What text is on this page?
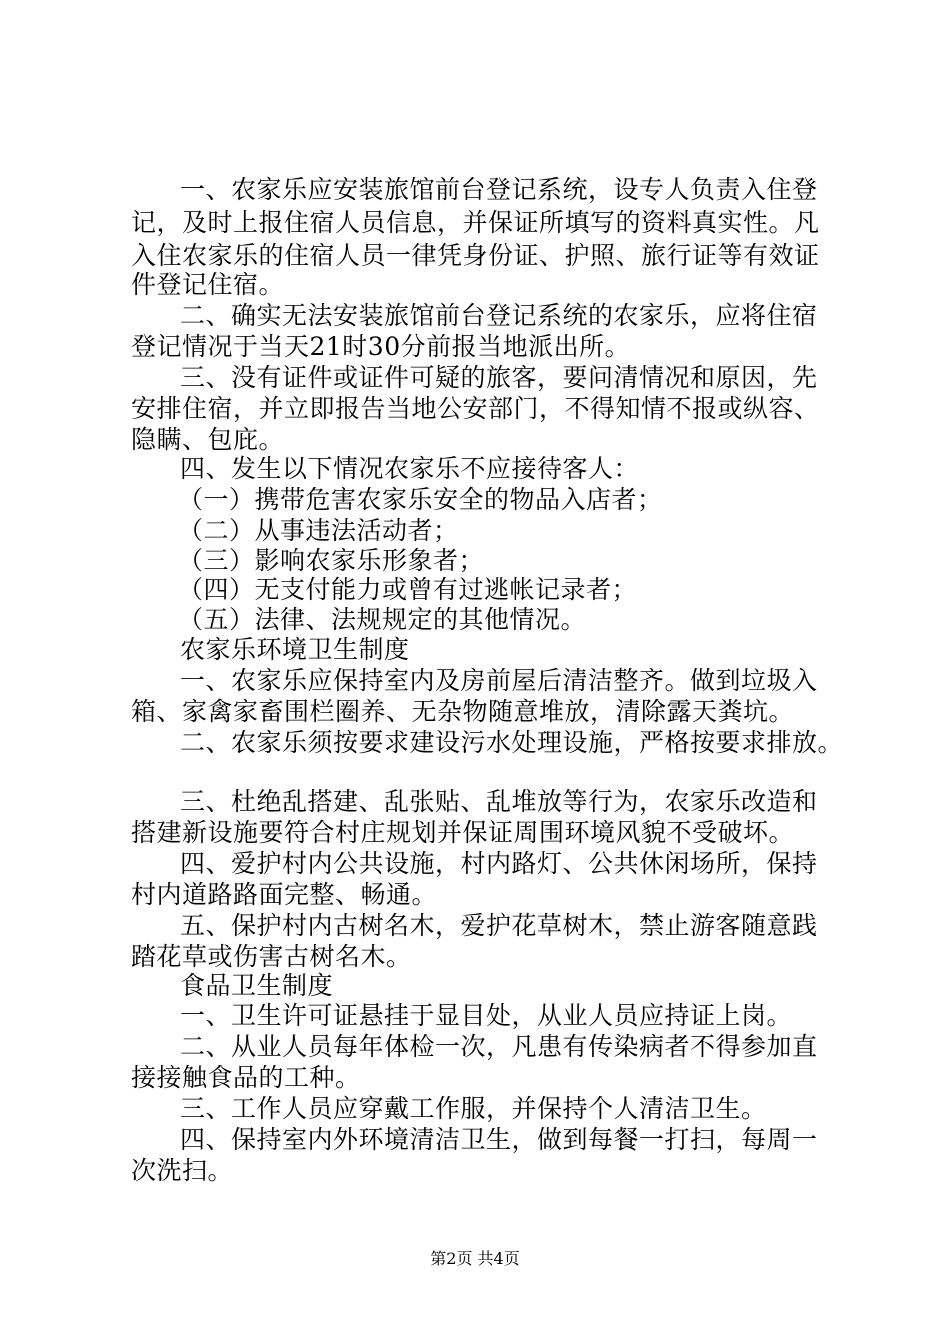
一、农家乐应安装旅馆前台登记系统，设专人负责入住登
记，及时上报住宿人员信息，并保证所填写的资料真实性。凡
入住农家乐的住宿人员一律凭身份证、护照、旅行证等有效证
件登记住宿。
二、确实无法安装旅馆前台登记系统的农家乐，应将住宿
登记情况于当天21时30分前报当地派出所。
三、没有证件或证件可疑的旅客，要问清情况和原因，先
安排住宿，并立即报告当地公安部门，不得知情不报或纵容、
隐瞒、包庇。
四、发生以下情况农家乐不应接待客人：
（一）携带危害农家乐安全的物品入店者；
（二）从事违法活动者；
（三）影响农家乐形象者；
（四）无支付能力或曾有过逃帐记录者；
（五）法律、法规规定的其他情况。
农家乐环境卫生制度
一、农家乐应保持室内及房前屋后清洁整齐。做到垃圾入
箱、家禽家畜围栏圈养、无杂物随意堆放，清除露天粪坑。
二、农家乐须按要求建设污水处理设施，严格按要求排放。
三、杜绝乱搭建、乱张贴、乱堆放等行为，农家乐改造和
搭建新设施要符合村庄规划并保证周围环境风貌不受破坏。
四、爱护村内公共设施，村内路灯、公共休闲场所，保持
村内道路路面完整、畅通。
五、保护村内古树名木，爱护花草树木，禁止游客随意践
踏花草或伤害古树名木。
食品卫生制度
一、卫生许可证悬挂于显目处，从业人员应持证上岗。
二、从业人员每年体检一次，凡患有传染病者不得参加直
接接触食品的工种。
三、工作人员应穿戴工作服，并保持个人清洁卫生。
四、保持室内外环境清洁卫生，做到每餐一打扫，每周一
次洗扫。
第2页 共4页
